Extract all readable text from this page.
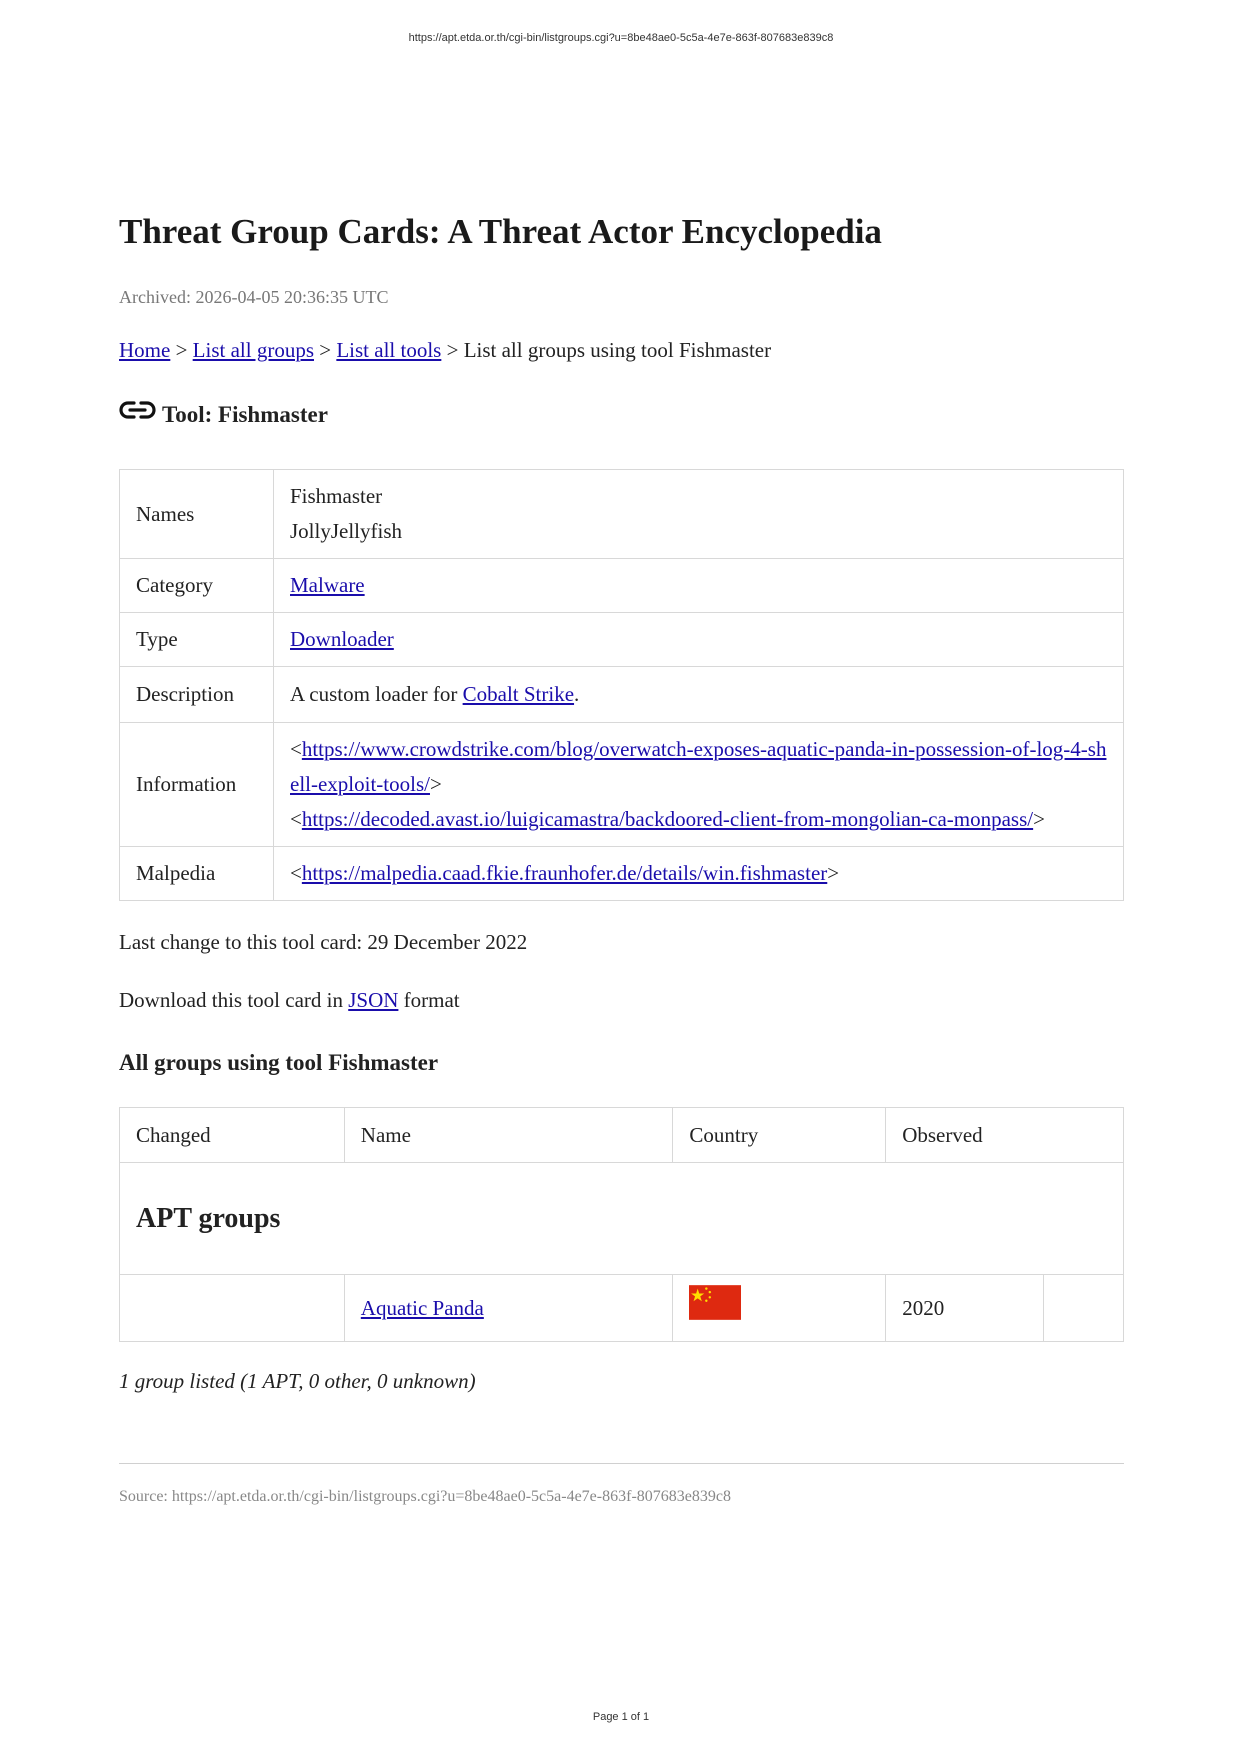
https://apt.etda.or.th/cgi-bin/listgroups.cgi?u=8be48ae0-5c5a-4e7e-863f-807683e839c8
Threat Group Cards: A Threat Actor Encyclopedia
Archived: 2026-04-05 20:36:35 UTC
Home > List all groups > List all tools > List all groups using tool Fishmaster
Tool: Fishmaster
Names	Fishmaster
JollyJellyfish

Category	Malware
Type	Downloader
Description	A custom loader for Cobalt Strike.
Information	<https://www.crowdstrike.com/blog/overwatch-exposes-aquatic-panda-in-possession-of-log-4-shell-exploit-tools/>
<https://decoded.avast.io/luigicamastra/backdoored-client-from-mongolian-ca-monpass/>

Malpedia	<https://malpedia.caad.fkie.fraunhofer.de/details/win.fishmaster>
Last change to this tool card: 29 December 2022
Download this tool card in JSON format
All groups using tool Fishmaster
Changed	Name	Country	Observed	
APT groups				
	Aquatic Panda		2020	
1 group listed (1 APT, 0 other, 0 unknown)
Source: https://apt.etda.or.th/cgi-bin/listgroups.cgi?u=8be48ae0-5c5a-4e7e-863f-807683e839c8
Page 1 of 1
